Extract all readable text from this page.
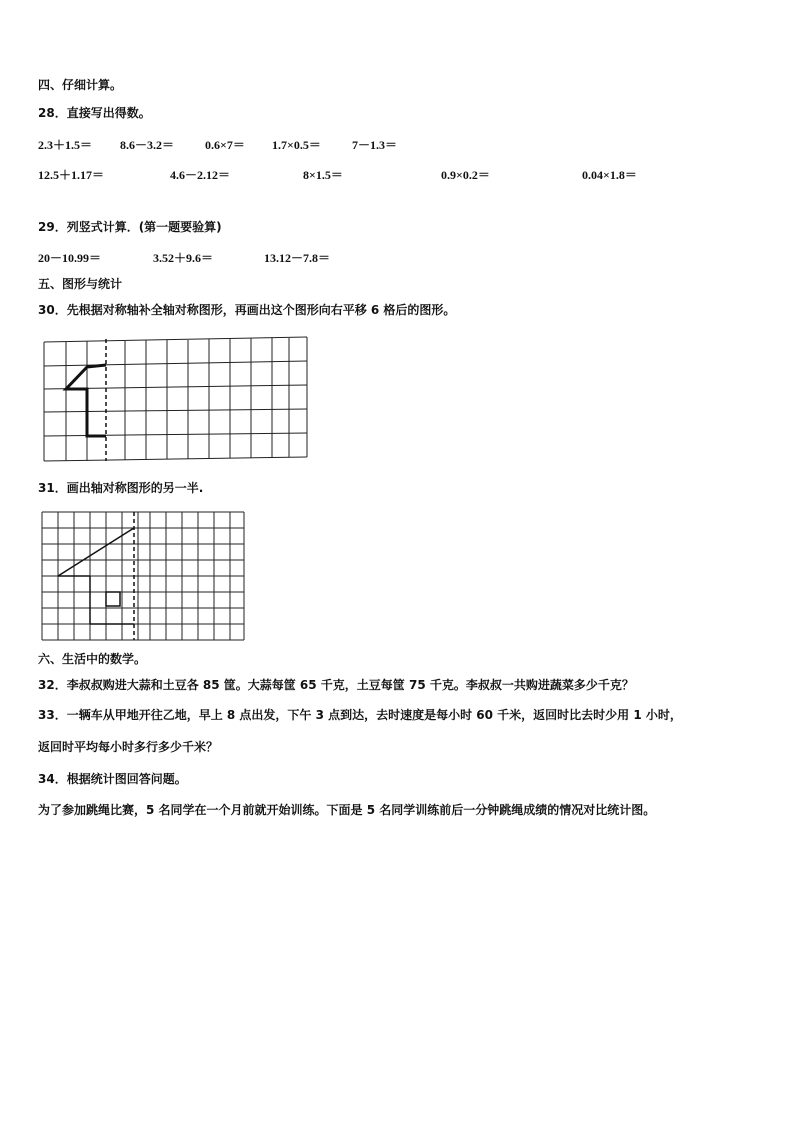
四、仔细计算。
28．直接写出得数。
2.3＋1.5＝ 8.6－3.2＝	0.6×7＝ 1.7×0.5＝	7－1.3＝
12.5＋1.17＝	4.6－2.12＝	8×1.5＝	0.9×0.2＝	0.04×1.8＝
29．列竖式计算．(第一题要验算)
20－10.99＝	3.52＋9.6＝	13.12－7.8＝
五、图形与统计
30．先根据对称轴补全轴对称图形，再画出这个图形向右平移 6 格后的图形。
31．画出轴对称图形的另一半.
六、生活中的数学。
32．李叔叔购进大蒜和土豆各 85 筐。大蒜每筐 65 千克，土豆每筐 75 千克。李叔叔一共购进蔬菜多少千克？
33．一辆车从甲地开往乙地，早上 8 点出发，下午 3 点到达，去时速度是每小时 60 千米，返回时比去时少用 1 小时，
返回时平均每小时多行多少千米？
34．根据统计图回答问题。
为了参加跳绳比赛，5 名同学在一个月前就开始训练。下面是 5 名同学训练前后一分钟跳绳成绩的情况对比统计图。
